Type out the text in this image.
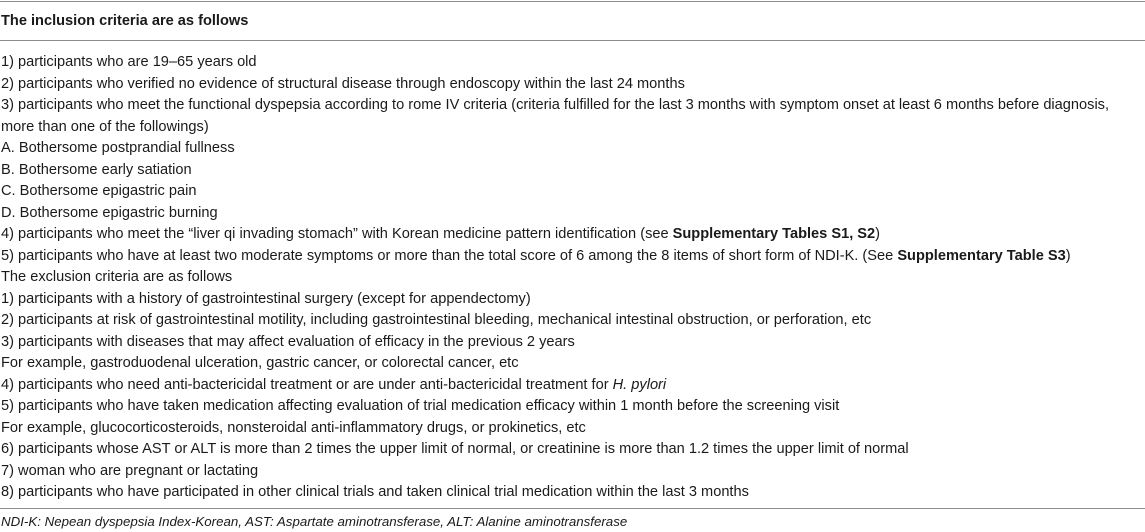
The inclusion criteria are as follows
1) participants who are 19–65 years old
2) participants who verified no evidence of structural disease through endoscopy within the last 24 months
3) participants who meet the functional dyspepsia according to rome IV criteria (criteria fulfilled for the last 3 months with symptom onset at least 6 months before diagnosis,
more than one of the followings)
A. Bothersome postprandial fullness
B. Bothersome early satiation
C. Bothersome epigastric pain
D. Bothersome epigastric burning
4) participants who meet the “liver qi invading stomach” with Korean medicine pattern identification (see Supplementary Tables S1, S2)
5) participants who have at least two moderate symptoms or more than the total score of 6 among the 8 items of short form of NDI-K. (See Supplementary Table S3)
The exclusion criteria are as follows
1) participants with a history of gastrointestinal surgery (except for appendectomy)
2) participants at risk of gastrointestinal motility, including gastrointestinal bleeding, mechanical intestinal obstruction, or perforation, etc
3) participants with diseases that may affect evaluation of efficacy in the previous 2 years
For example, gastroduodenal ulceration, gastric cancer, or colorectal cancer, etc
4) participants who need anti-bactericidal treatment or are under anti-bactericidal treatment for H. pylori
5) participants who have taken medication affecting evaluation of trial medication efficacy within 1 month before the screening visit
For example, glucocorticosteroids, nonsteroidal anti-inflammatory drugs, or prokinetics, etc
6) participants whose AST or ALT is more than 2 times the upper limit of normal, or creatinine is more than 1.2 times the upper limit of normal
7) woman who are pregnant or lactating
8) participants who have participated in other clinical trials and taken clinical trial medication within the last 3 months
NDI-K: Nepean dyspepsia Index-Korean, AST: Aspartate aminotransferase, ALT: Alanine aminotransferase
